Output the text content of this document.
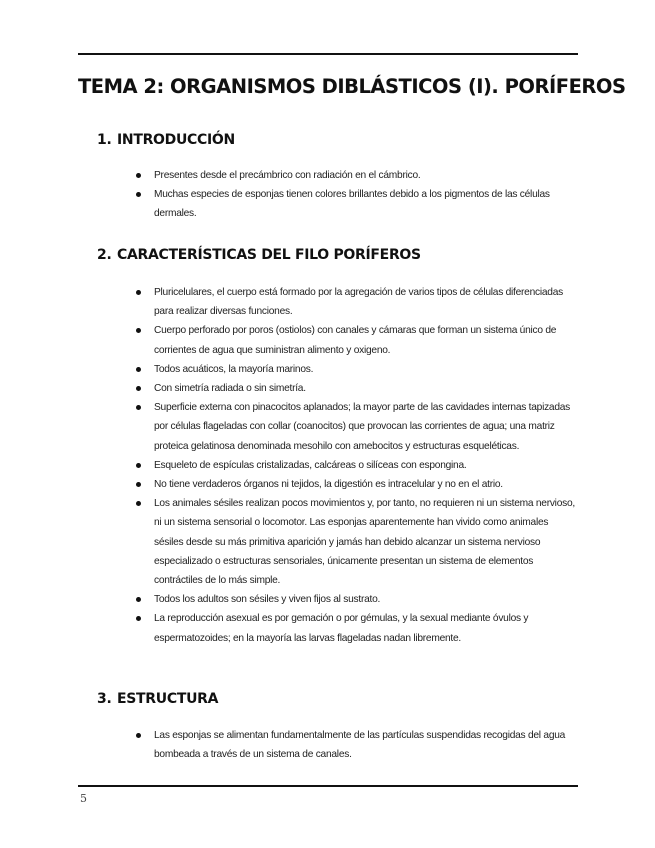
TEMA 2: ORGANISMOS DIBLÁSTICOS (I). PORÍFEROS
1. INTRODUCCIÓN
Presentes desde el precámbrico con radiación en el cámbrico.
Muchas especies de esponjas tienen colores brillantes debido a los pigmentos de las células dermales.
2. CARACTERÍSTICAS DEL FILO PORÍFEROS
Pluricelulares, el cuerpo está formado por la agregación de varios tipos de células diferenciadas para realizar diversas funciones.
Cuerpo perforado por poros (ostiolos) con canales y cámaras que forman un sistema único de corrientes de agua que suministran alimento y oxigeno.
Todos acuáticos, la mayoría marinos.
Con simetría radiada o sin simetría.
Superficie externa con pinacocitos aplanados; la mayor parte de las cavidades internas tapizadas por células flageladas con collar (coanocitos) que provocan las corrientes de agua; una matriz proteica gelatinosa denominada mesohilo con amebocitos y estructuras esqueléticas.
Esqueleto de espículas cristalizadas, calcáreas o silíceas con espongina.
No tiene verdaderos órganos ni tejidos, la digestión es intracelular y no en el atrio.
Los animales sésiles realizan pocos movimientos y, por tanto, no requieren ni un sistema nervioso, ni un sistema sensorial o locomotor. Las esponjas aparentemente han vivido como animales sésiles desde su más primitiva aparición y jamás han debido alcanzar un sistema nervioso especializado o estructuras sensoriales, únicamente presentan un sistema de elementos contráctiles de lo más simple.
Todos los adultos son sésiles y viven fijos al sustrato.
La reproducción asexual es por gemación o por gémulas, y la sexual mediante óvulos y espermatozoides; en la mayoría las larvas flageladas nadan libremente.
3. ESTRUCTURA
Las esponjas se alimentan fundamentalmente de las partículas suspendidas recogidas del agua bombeada a través de un sistema de canales.
5
